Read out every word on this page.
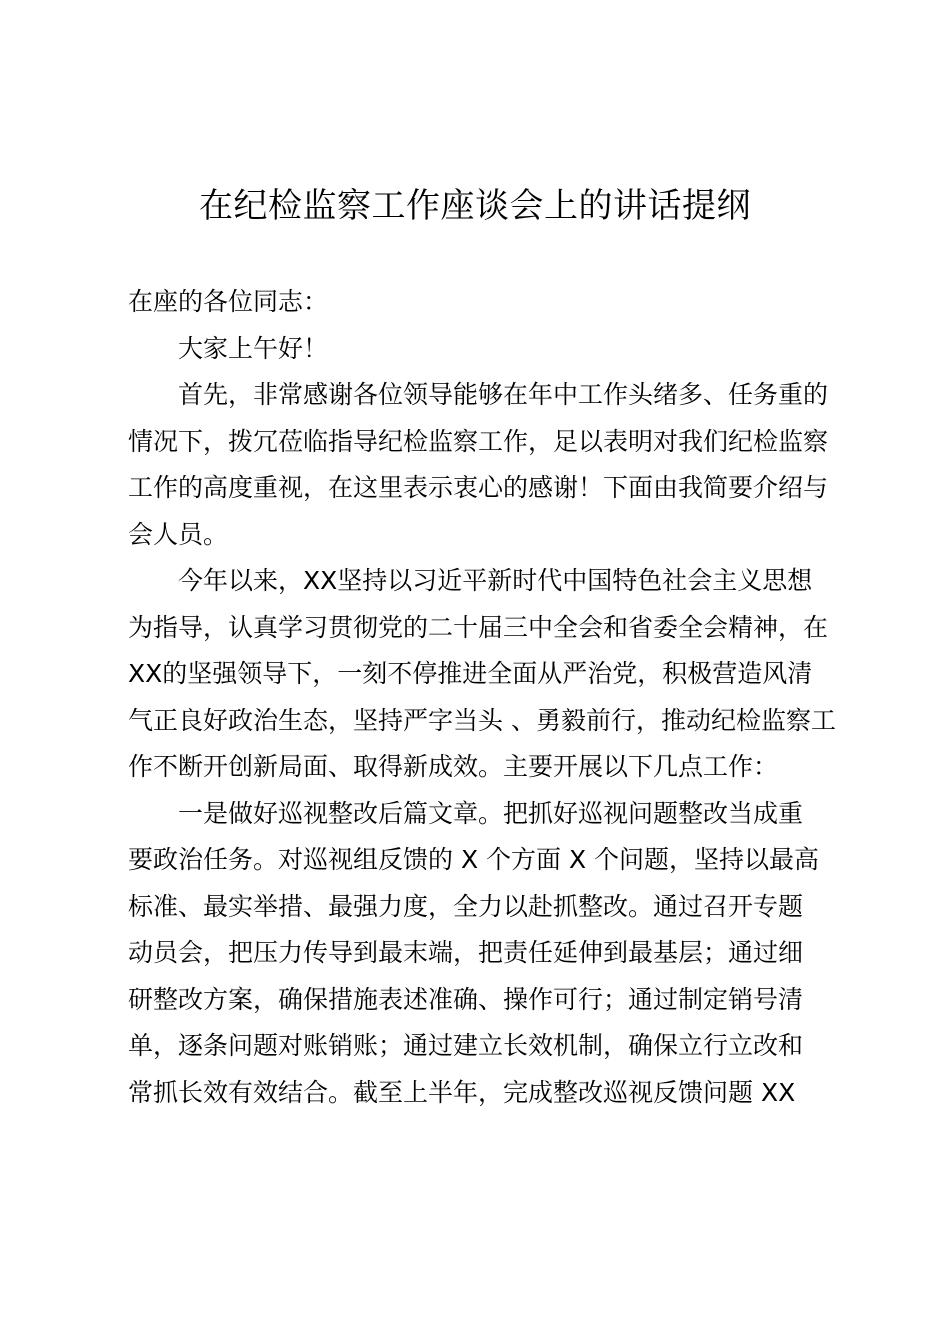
在纪检监察工作座谈会上的讲话提纲
在座的各位同志：
大家上午好！
首先，非常感谢各位领导能够在年中工作头绪多、任务重的
情况下，拨冗莅临指导纪检监察工作，足以表明对我们纪检监察
工作的高度重视，在这里表示衷心的感谢！下面由我简要介绍与
会人员。
今年以来，XX坚持以习近平新时代中国特色社会主义思想
为指导，认真学习贯彻党的二十届三中全会和省委全会精神，在
XX的坚强领导下，一刻不停推进全面从严治党，积极营造风清
气正良好政治生态，坚持严字当头 、勇毅前行，推动纪检监察工
作不断开创新局面、取得新成效。主要开展以下几点工作：
一是做好巡视整改后篇文章。把抓好巡视问题整改当成重
要政治任务。对巡视组反馈的 X 个方面 X 个问题，坚持以最高
标准、最实举措、最强力度，全力以赴抓整改。通过召开专题
动员会，把压力传导到最末端，把责任延伸到最基层；通过细
研整改方案，确保措施表述准确、操作可行；通过制定销号清
单，逐条问题对账销账；通过建立长效机制，确保立行立改和
常抓长效有效结合。截至上半年，完成整改巡视反馈问题 XX
